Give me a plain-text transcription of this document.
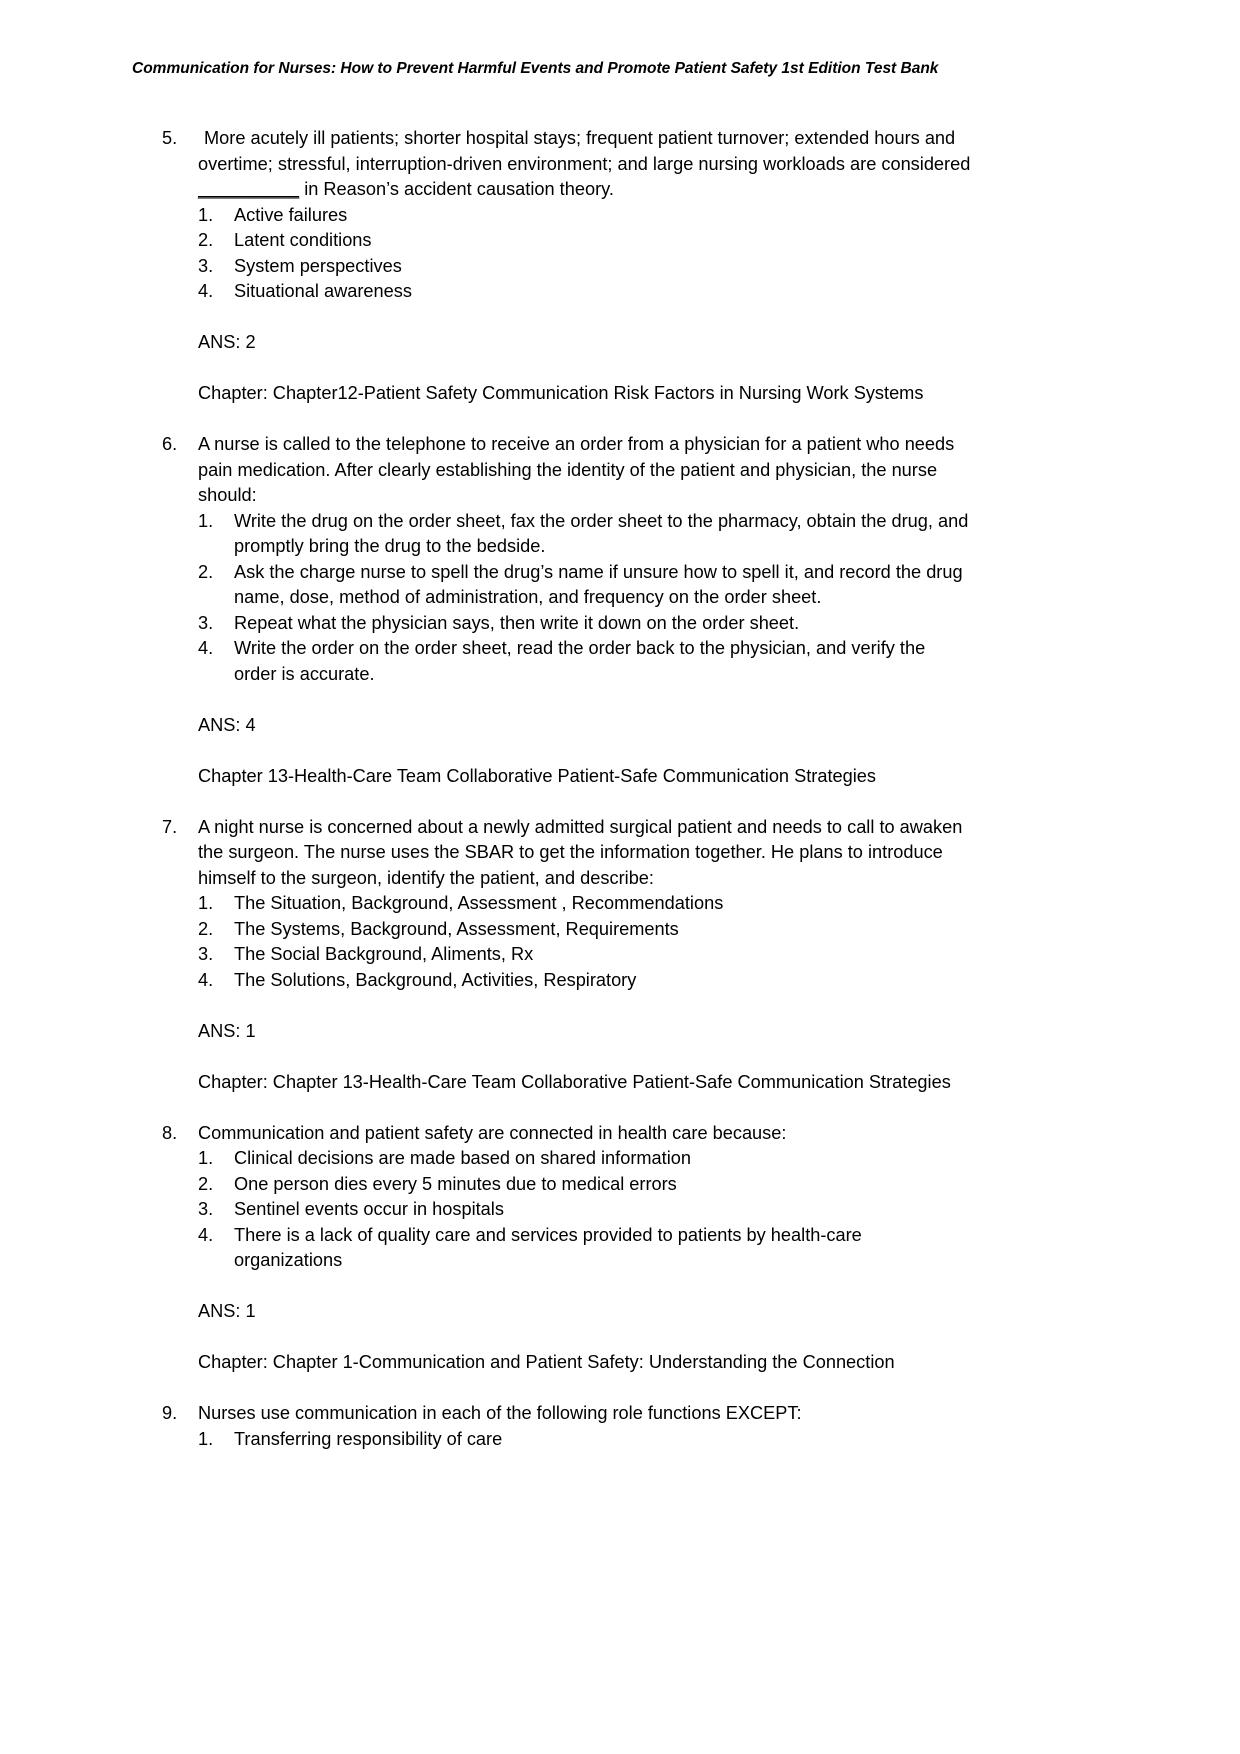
Communication for Nurses: How to Prevent Harmful Events and Promote Patient Safety 1st Edition Test Bank
5.	More acutely ill patients; shorter hospital stays; frequent patient turnover; extended hours and overtime; stressful, interruption-driven environment; and large nursing workloads are considered __________ in Reason’s accident causation theory.
1.	Active failures
2.	Latent conditions
3.	System perspectives
4.	Situational awareness
ANS: 2
Chapter: Chapter12-Patient Safety Communication Risk Factors in Nursing Work Systems
6.	A nurse is called to the telephone to receive an order from a physician for a patient who needs pain medication. After clearly establishing the identity of the patient and physician, the nurse should:
1.	Write the drug on the order sheet, fax the order sheet to the pharmacy, obtain the drug, and promptly bring the drug to the bedside.
2.	Ask the charge nurse to spell the drug’s name if unsure how to spell it, and record the drug name, dose, method of administration, and frequency on the order sheet.
3.	Repeat what the physician says, then write it down on the order sheet.
4.	Write the order on the order sheet, read the order back to the physician, and verify the order is accurate.
ANS: 4
Chapter 13-Health-Care Team Collaborative Patient-Safe Communication Strategies
7.	A night nurse is concerned about a newly admitted surgical patient and needs to call to awaken the surgeon. The nurse uses the SBAR to get the information together. He plans to introduce himself to the surgeon, identify the patient, and describe:
1.	The Situation, Background, Assessment , Recommendations
2.	The Systems, Background, Assessment, Requirements
3.	The Social Background, Aliments, Rx
4.	The Solutions, Background, Activities, Respiratory
ANS: 1
Chapter: Chapter 13-Health-Care Team Collaborative Patient-Safe Communication Strategies
8.	Communication and patient safety are connected in health care because:
1.	Clinical decisions are made based on shared information
2.	One person dies every 5 minutes due to medical errors
3.	Sentinel events occur in hospitals
4.	There is a lack of quality care and services provided to patients by health-care organizations
ANS: 1
Chapter: Chapter 1-Communication and Patient Safety: Understanding the Connection
9.	Nurses use communication in each of the following role functions EXCEPT:
1.	Transferring responsibility of care
